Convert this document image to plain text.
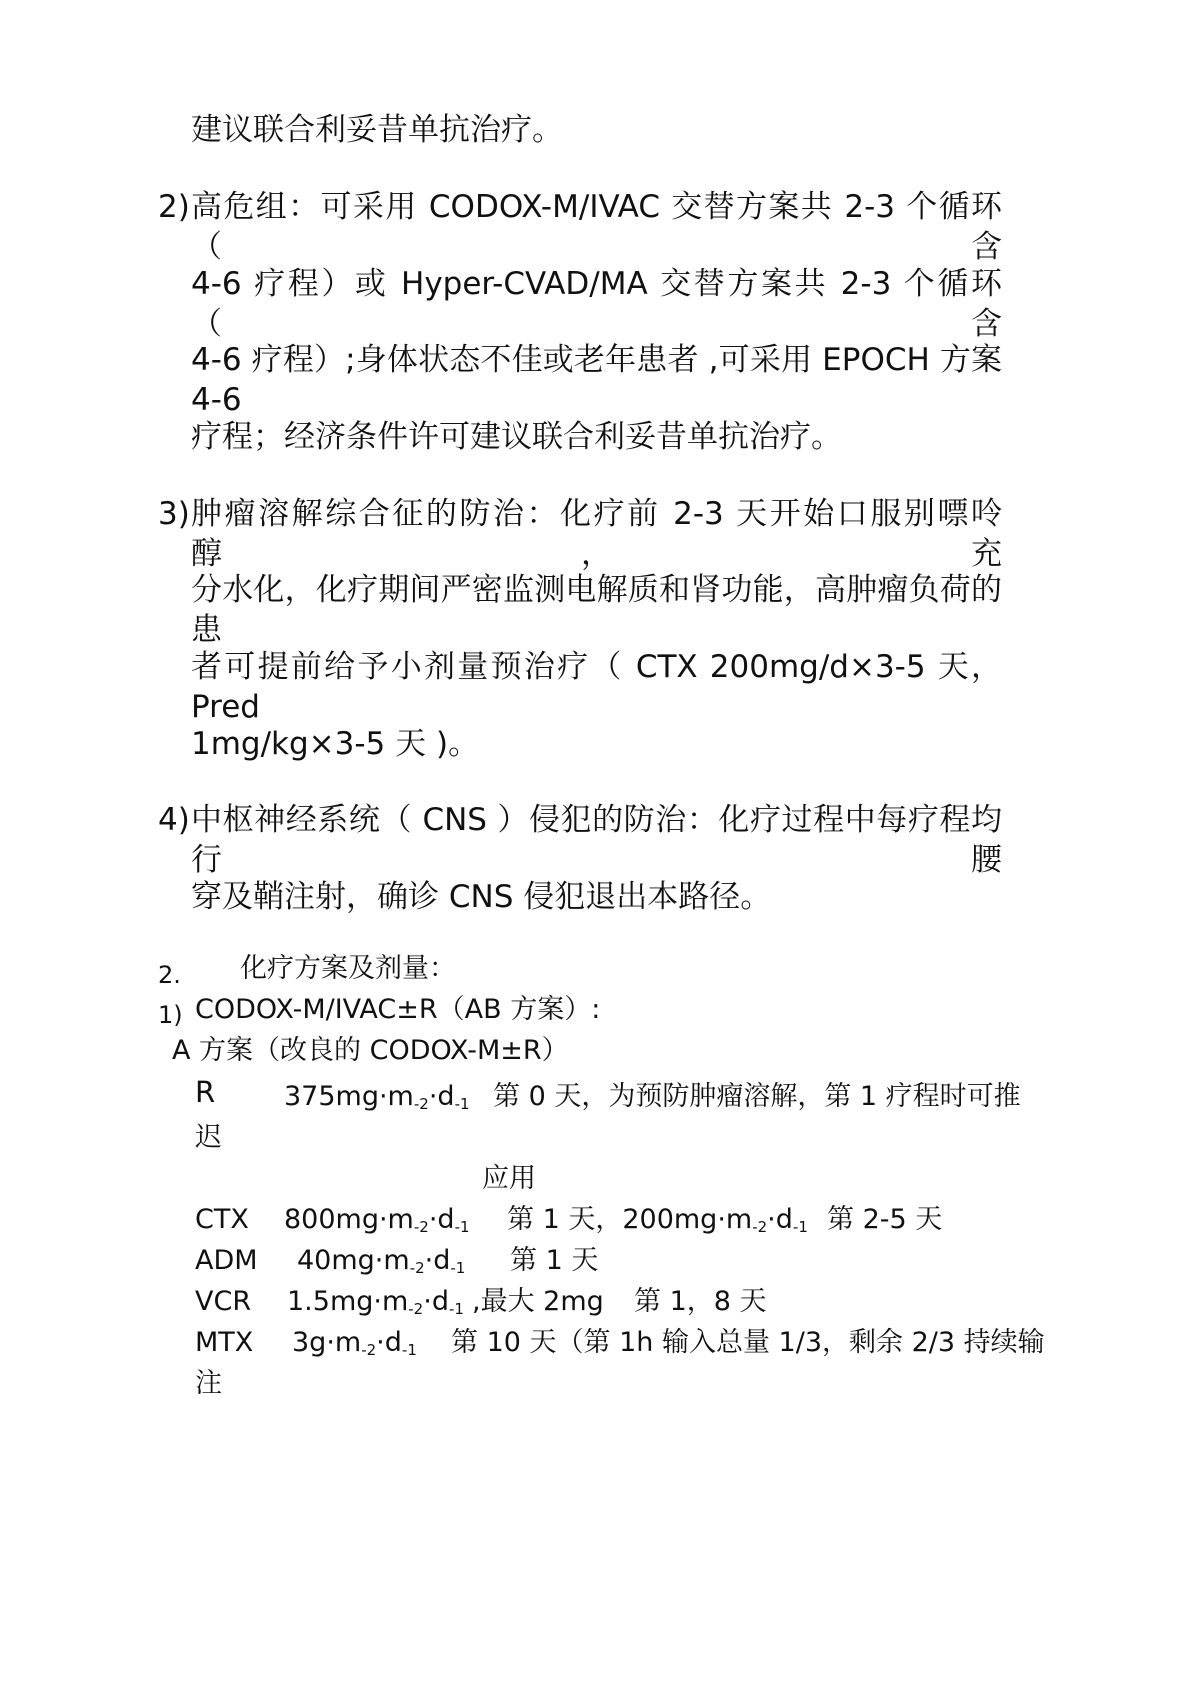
建议联合利妥昔单抗治疗。
2) 高危组：可采用 CODOX-M/IVAC 交替方案共 2-3 个循环（含
4-6 疗程）或 Hyper-CVAD/MA 交替方案共 2-3 个循环（含
4-6 疗程）;身体状态不佳或老年患者 ,可采用 EPOCH 方案 4-6
疗程；经济条件许可建议联合利妥昔单抗治疗。
3) 肿瘤溶解综合征的防治：化疗前 2-3 天开始口服别嘌呤醇，充
分水化，化疗期间严密监测电解质和肾功能，高肿瘤负荷的患
者可提前给予小剂量预治疗（ CTX 200mg/d×3-5 天， Pred
1mg/kg×3-5 天 )。
4) 中枢神经系统（ CNS ）侵犯的防治：化疗过程中每疗程均行腰
穿及鞘注射，确诊 CNS 侵犯退出本路径。
2. 化疗方案及剂量：
1) CODOX-M/IVAC±R（AB 方案）:
A 方案（改良的 CODOX-M±R）
R	$375mg\cdot m_{-2}\cdot d_{-1}$ 第 0 天，为预防肿瘤溶解，第 1 疗程时可推
迟
应用
CTX $800mg\cdot m_{-2}\cdot d_{-1}$ 第 1 天，$200mg\cdot m_{-2}\cdot d_{-1}$ 第 2-5 天
ADM $40mg\cdot m_{-2}\cdot d_{-1}$ 第 1 天
VCR $1.5mg\cdot m_{-2}\cdot d_{-1}$ ,最大 2mg 第 1，8 天
MTX $3g\cdot m_{-2}\cdot d_{-1}$ 第 10 天（第 1h 输入总量 1/3，剩余 2/3 持续输
注
